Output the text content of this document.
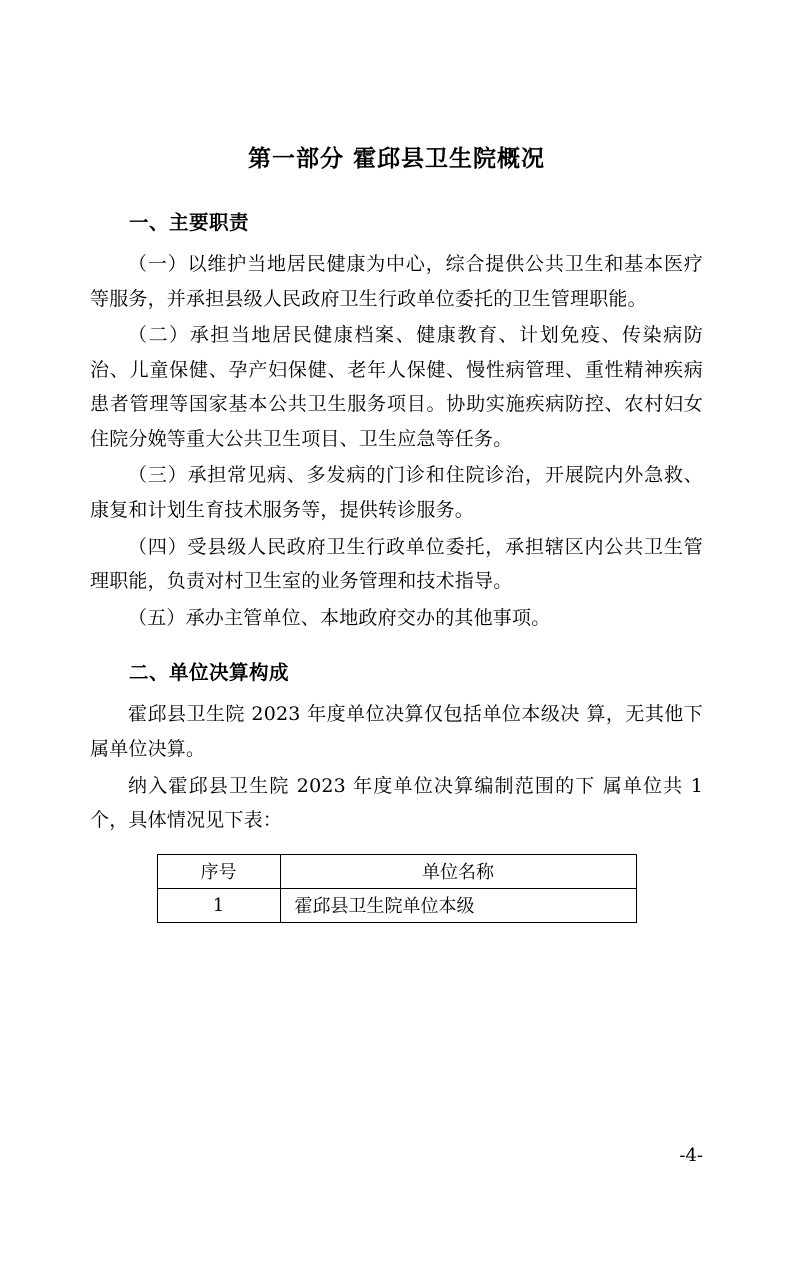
第一部分 霍邱县卫生院概况
一、主要职责

（一）以维护当地居民健康为中心，综合提供公共卫生和基本医疗等服务，并承担县级人民政府卫生行政单位委托的卫生管理职能。

（二）承担当地居民健康档案、健康教育、计划免疫、传染病防治、儿童保健、孕产妇保健、老年人保健、慢性病管理、重性精神疾病患者管理等国家基本公共卫生服务项目。协助实施疾病防控、农村妇女住院分娩等重大公共卫生项目、卫生应急等任务。

（三）承担常见病、多发病的门诊和住院诊治，开展院内外急救、康复和计划生育技术服务等，提供转诊服务。

（四）受县级人民政府卫生行政单位委托，承担辖区内公共卫生管理职能，负责对村卫生室的业务管理和技术指导。

（五）承办主管单位、本地政府交办的其他事项。

二、单位决算构成

霍邱县卫生院 2023 年度单位决算仅包括单位本级决 算，无其他下属单位决算。

纳入霍邱县卫生院 2023 年度单位决算编制范围的下 属单位共 1 个，具体情况见下表：

序号	单位名称
1	霍邱县卫生院单位本级
-4-
